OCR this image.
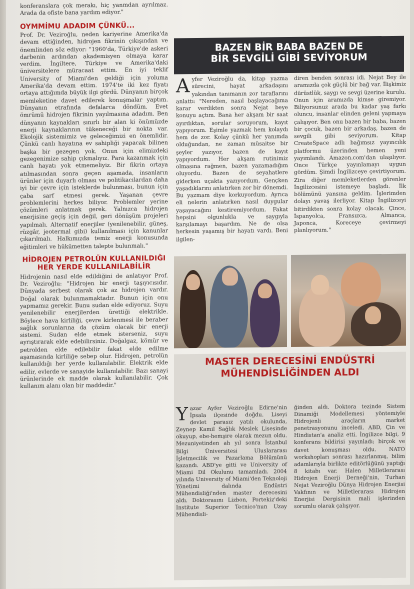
konferanslara çok merakı, hiç yanmdan ayrılmaz. Arada da ofiste bana yardım ediyor."

OYMMİMU ADADIM ÇÜNKÜ...

Prof. Dr. Veziroğlu, neden kariyerine Amerika'da devam ettiğinden, hidrojen fikrinin çıkışından ve önemlinden söz ediyor: "1960'da, Türkiye'de askeri darbenin ardından akademisyen olmaya karar verdim. İngiltere, Türkiye ve Amerika'daki üniversitelere müracaat ettim. En iyi teklif University of Miami'den geldiği için yoluma Amerika'da devam ettim. 1974'te iki kez fiyatı ortaya attığımda büyük ilgi gördü. Dünyanın birçok memleketine davet edilerek konuşmalar yaptım. Dünyanın etrafında defalarca döndüm. Evet ömrümü hidrojen fikrinin yayılmasına adadım. Ben dünyanın kaynakları sınırlı bir alan ki önümüzde enerji kaynaklarının tükeneceği bir nokta var. Ekolojik sistemimiz ve geleceğimizi en önemlidir. Çünkü canlı hayatına ev sahipliği yapacak bilinen başka bir gezegen yok. Onun için elimizdeki gezegenimize sahip çıkmalıyız. Para kazanmak için canlı hayatı yok etmemeliyiz. Bir fikrin ortaya atılmasından sonra geçen aşamada, insanların ürünler için duyarlı olması ve politikacılardan daha iyi bir çevre için isteklerde bulunması, bunun için çaba sarf etmesi gerek. Yaşanan çevre problemlerini herkes biliyor. Problemler yerine çözümleri anlatmak gerek. Yalnızca hidrojen enerjisine geçiş için değil, geri dönüşüm projeleri yapılmalı. Alternatif enerjiler (yenilenebilir, güneş, rüzgâr, jeotermal gibi) kullanılması için kanunlar çıkarılmalı. Halkımızda temiz enerji konusunda eğitimleri ve hükümetten talepte bulunmalı."

HİDROJEN PETROLÜN KULLANILDIĞI HER YERDE KULLANILABİLİR

Hidrojenin nasıl elde edildiğini de anlatıyor Prof. Dr. Veziroğlu: "Hidrojen bir enerji taşıyıcısıdır. Dünyada serbest olarak çok az hidrojen vardır. Doğal olarak bulunmamaktadır. Bunun için onu yapmamız gerekir. Bunu sudan elde ediyoruz. Suyu yenilenebilir enerjilerden ürettiği elektrikle. Böylece hava kirliliği, çevre kirlenmesi ile beraber sağlık sorunlarına da çözüm olacak bir enerji sistemi. Sudan elde etmek isterseniz, suyu ayrıştırarak elde edebilirsiniz. Doğalgaz, kömür ve petrolden elde edilebilir fakat elde edilme aşamasında kirliliğe sebep olur. Hidrojen, petrolün kullanıldığı her yerde kullanılabilir. Elektrik elde edilir, evlerde ve sanayide kullanılabilir. Bazı sanayi ürünlerinde ek madde olarak kullanılabilir. Çok kullanım alanı olan bir maddedir."

BAZEN BİR BABA BAZEN DE
BİR SEVGİLİ GİBİ SEVİYORUM

Ayfer Veziroğlu da, kitap yazma sürecini, hayat arkadaşını yakından tanımanın zor taraflarını anlattı: "Nereden, nasıl başlayacağıma karar verdikten sonra Nejat beye konuyu açtım. Bana her akşam bir saat ayırdıktan, sorular soruyorum, kayıt yapıyorum. Eşimle yazmak hem kolaydı hem de zor. Kolay çünkü her yanımda olduğundan, ne zaman müsaitse bir şeyler yazıyor, bazen de kayıt yapıyordum. Her akşam rutinimiz olmasına rağmen, bazen yazamadığım oluyordu. Bazen de seyahatlere giderken uçakta yazıyordum. Gençken yaşadıklarını anlatırken zor bir dönemdi. Bu yazmam diye korkuyordum. Ayrıca eli nelerin anlatırken nasıl duygular yaşayacağını kestiremiyordum. Fakat hepsini olgunlukla ve saygıyla karşılamayı başardım. Ne de olsa herkesin yaşamış bir hayatı vardı. Beni ilgilen-

diren benden sonrası idi. Nejat Bey ile aramızda çok güçlü bir bağ var. İlişkimiz dürüstlük, saygı ve sevgi üzerine kurulu. Onun için aramızda kimse giremiyor. Biliyorsunuz arada bu kadar yaş farkı oluncu, insanlar elinden geleni yapmaya çalışıyor. Ben onu bazen bir baba, bazen bir çocuk, bazen bir arkadaş, bazen de sevgili gibi seviyorum. Kitap CreateSpace adlı bağımsız yayıncılık platformu üzerinden hemen yeni yayımlandı. Amazon.com'dan ulaşılıyor. Once Türkçe yayınlamayı uygun gördüm. Şimdi İngilizceye çevirtiyorum. Zira diğer memleketlerden görenler İngilizcesini istemeye başladı. İlk bölümünü yansına geldim. İşlerimden dolayı yavaş ilerliyor. Kitap İngilizceyi bitirdikten sonra kolay olacak. Çince, İspanyolca, Fransızca, Almanca, Japonca, Koreceye çevirmeyi planlıyorum."

MASTER DERECESİNİ ENDÜSTRİ
MÜHENDİSLİĞİNDEN ALDI

Yazar Ayfer Veziroğlu Edirne'nin İpsala ilçesinde doğdu. Liseyi devlet parasız yatılı okulunda, Zeynep Kamil Sağlık Meslek Lisesinde okuyup, ebe-hemşire olarak mezun oldu. Mezuniyetinden ah yıl sonra İstanbul Bilgi Üniversitesi Uluslararası İşletmecilik ve Pazarlama Bölümünü kazandı. ABD'ye gitti ve University of Miami Dil Okulunu tamamladı. 2004 yılında University of Miami'den Teknoloji Yönetimi dalında Endüstri Mühendisliği'nden master derecesini aldı. Doktorasını Lizbon, Portekiz'deki Institute Superior Tecnico'nun Uzay Mühendisli-

ğinden aldı. Doktora tezinde Sistem Dinamiği Modellemesi yöntemiyle Hidrojenli araçların market penetrasyonunu inceledi. ABD, Çin ve Hindistan'a analiz etti. İngilizce bilgi, 9 konferans bildirisi yayınladı; birçok ve davet konuşması oldu. NATO workshopları sonrası hazırlanmış, bilim adamlarıyla birlikte editörlüğünü yaptığı 8 kitabı var. Halen Milletlerarası Hidrojen Enerji Derneği'nin, Turhan Nejat Veziroğlu Dünya Hidrojen Enerjisi Vakfının ve Milletlerarası Hidrojen Enerjisi Dergisinin mali işlerinden sorumlu olarak çalışıyor.
